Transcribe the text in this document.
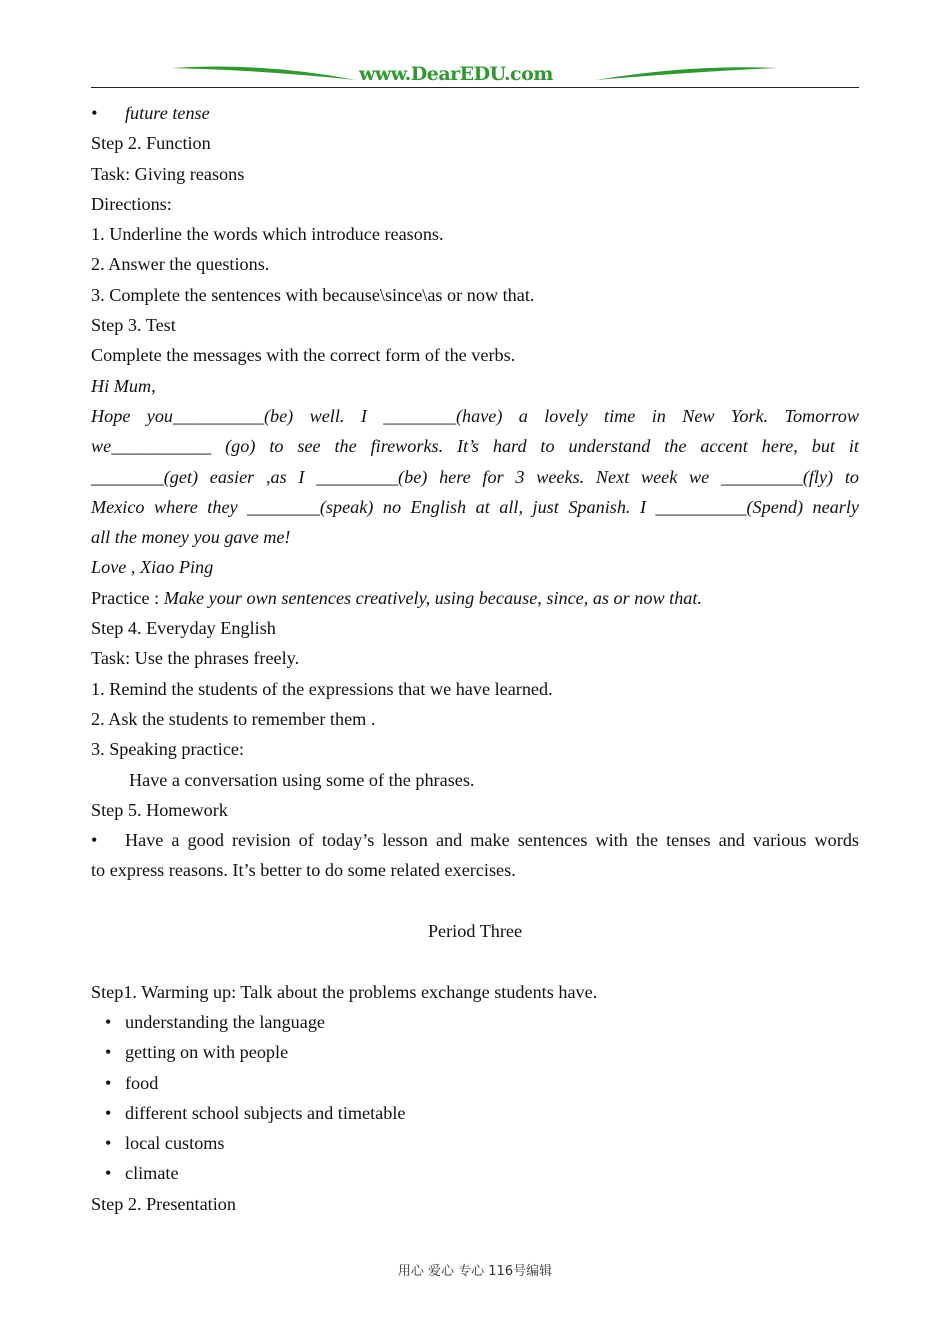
www.DearEDU.com
• future tense
Step 2. Function
Task: Giving reasons
Directions:
1. Underline the words which introduce reasons.
2. Answer the questions.
3. Complete the sentences with because\since\as or now that.
Step 3. Test
Complete the messages with the correct form of the verbs.
Hi Mum,
Hope you__________(be) well. I ________(have) a lovely time in New York. Tomorrow
we___________ (go) to see the fireworks. It’s hard to understand the accent here, but it
________(get) easier ,as I _________(be) here for 3 weeks. Next week we _________(fly) to
Mexico where they ________(speak) no English at all, just Spanish. I __________(Spend) nearly
all the money you gave me!
Love , Xiao Ping
Practice : Make your own sentences creatively, using because, since, as or now that.
Step 4. Everyday English
Task: Use the phrases freely.
1. Remind the students of the expressions that we have learned.
2. Ask the students to remember them .
3. Speaking practice:
Have a conversation using some of the phrases.
Step 5. Homework
• Have a good revision of today’s lesson and make sentences with the tenses and various words
to express reasons. It’s better to do some related exercises.
Period Three
Step1. Warming up: Talk about the problems exchange students have.
• understanding the language
• getting on with people
• food
• different school subjects and timetable
• local customs
• climate
Step 2. Presentation
用心 爱心 专心 116号编辑
